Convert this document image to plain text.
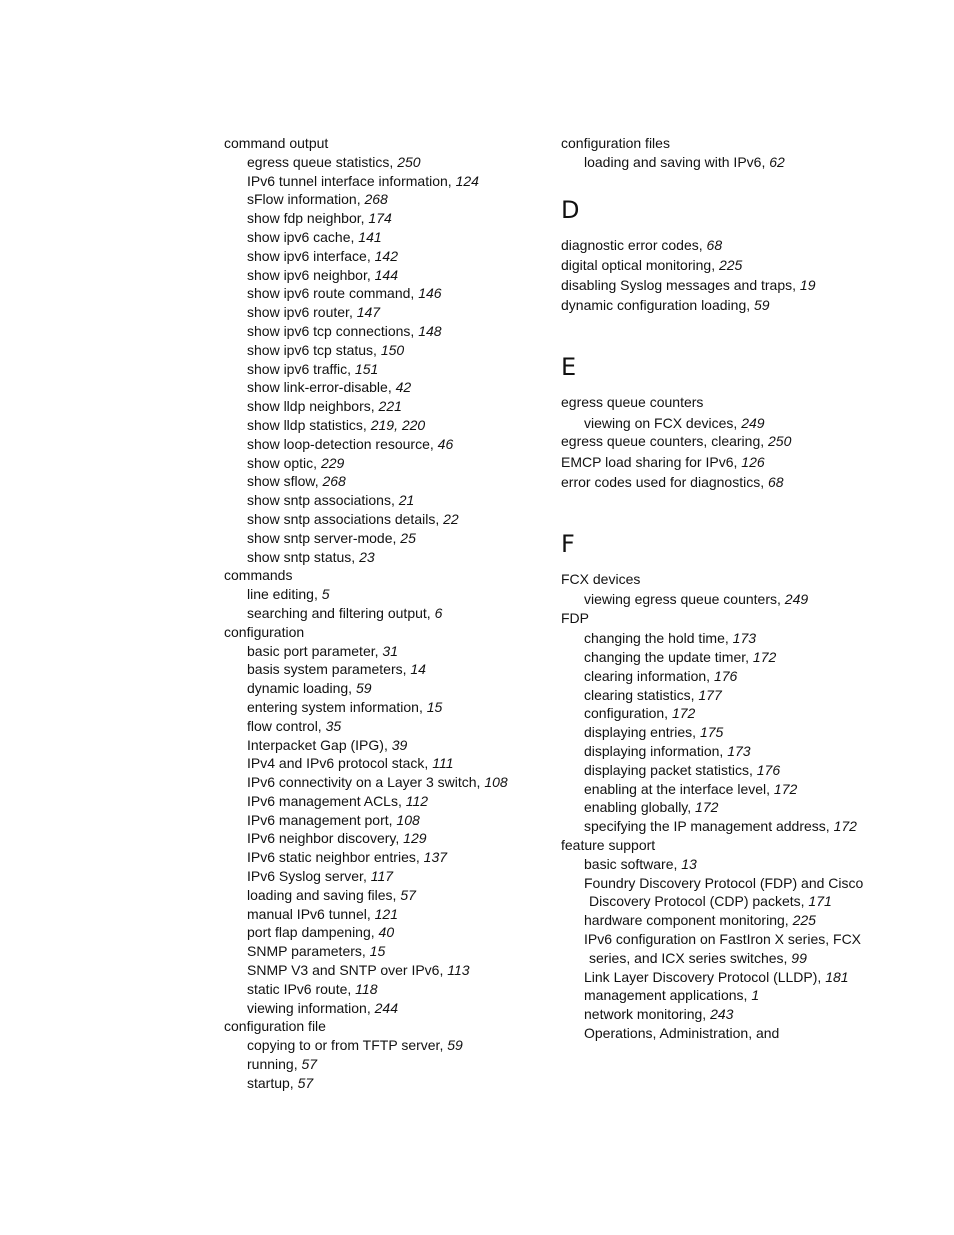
command output
egress queue statistics, 250
IPv6 tunnel interface information, 124
sFlow information, 268
show fdp neighbor, 174
show ipv6 cache, 141
show ipv6 interface, 142
show ipv6 neighbor, 144
show ipv6 route command, 146
show ipv6 router, 147
show ipv6 tcp connections, 148
show ipv6 tcp status, 150
show ipv6 traffic, 151
show link-error-disable, 42
show lldp neighbors, 221
show lldp statistics, 219, 220
show loop-detection resource, 46
show optic, 229
show sflow, 268
show sntp associations, 21
show sntp associations details, 22
show sntp server-mode, 25
show sntp status, 23
commands
line editing, 5
searching and filtering output, 6
configuration
basic port parameter, 31
basis system parameters, 14
dynamic loading, 59
entering system information, 15
flow control, 35
Interpacket Gap (IPG), 39
IPv4 and IPv6 protocol stack, 111
IPv6 connectivity on a Layer 3 switch, 108
IPv6 management ACLs, 112
IPv6 management port, 108
IPv6 neighbor discovery, 129
IPv6 static neighbor entries, 137
IPv6 Syslog server, 117
loading and saving files, 57
manual IPv6 tunnel, 121
port flap dampening, 40
SNMP parameters, 15
SNMP V3 and SNTP over IPv6, 113
static IPv6 route, 118
viewing information, 244
configuration file
copying to or from TFTP server, 59
running, 57
startup, 57
configuration files
loading and saving with IPv6, 62
D
diagnostic error codes, 68
digital optical monitoring, 225
disabling Syslog messages and traps, 19
dynamic configuration loading, 59
E
egress queue counters
viewing on FCX devices, 249
egress queue counters, clearing, 250
EMCP load sharing for IPv6, 126
error codes used for diagnostics, 68
F
FCX devices
viewing egress queue counters, 249
FDP
changing the hold time, 173
changing the update timer, 172
clearing information, 176
clearing statistics, 177
configuration, 172
displaying entries, 175
displaying information, 173
displaying packet statistics, 176
enabling at the interface level, 172
enabling globally, 172
specifying the IP management address, 172
feature support
basic software, 13
Foundry Discovery Protocol (FDP) and Cisco
Discovery Protocol (CDP) packets, 171
hardware component monitoring, 225
IPv6 configuration on FastIron X series, FCX
series, and ICX series switches, 99
Link Layer Discovery Protocol (LLDP), 181
management applications, 1
network monitoring, 243
Operations, Administration, and
